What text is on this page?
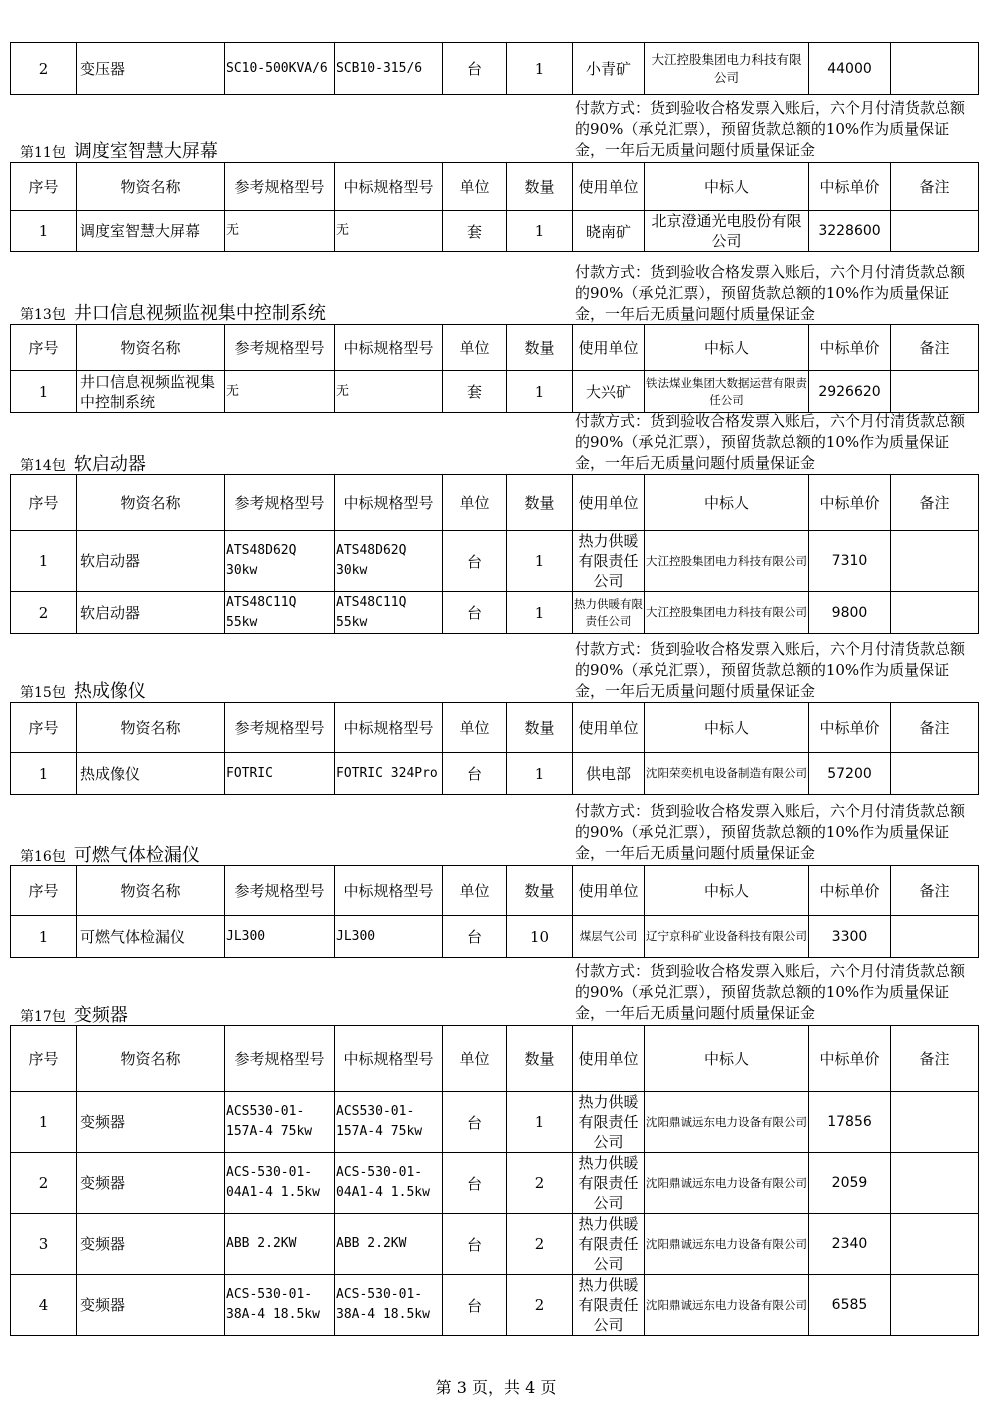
2	变压器	SC10-500KVA/6	SCB10-315/6	台	1	小青矿	大江控股集团电力科技有限公司	44000	
付款方式：货到验收合格发票入账后，六个月付清货款总额的90%（承兑汇票），预留货款总额的10%作为质量保证金，一年后无质量问题付质量保证金
第11包 调度室智慧大屏幕
序号	物资名称	参考规格型号	中标规格型号	单位	数量	使用单位	中标人	中标单价	备注
1	调度室智慧大屏幕	无	无	套	1	晓南矿	北京澄通光电股份有限公司	3228600	
付款方式：货到验收合格发票入账后，六个月付清货款总额的90%（承兑汇票），预留货款总额的10%作为质量保证金，一年后无质量问题付质量保证金
第13包 井口信息视频监视集中控制系统
序号	物资名称	参考规格型号	中标规格型号	单位	数量	使用单位	中标人	中标单价	备注
1	井口信息视频监视集中控制系统	无	无	套	1	大兴矿	铁法煤业集团大数据运营有限责任公司	2926620	
付款方式：货到验收合格发票入账后，六个月付清货款总额的90%（承兑汇票），预留货款总额的10%作为质量保证金，一年后无质量问题付质量保证金
第14包 软启动器
序号	物资名称	参考规格型号	中标规格型号	单位	数量	使用单位	中标人	中标单价	备注
1	软启动器	ATS48D62Q 30kw	ATS48D62Q 30kw	台	1	热力供暖有限责任公司	大江控股集团电力科技有限公司	7310	
2	软启动器	ATS48C11Q 55kw	ATS48C11Q 55kw	台	1	热力供暖有限责任公司	大江控股集团电力科技有限公司	9800	
付款方式：货到验收合格发票入账后，六个月付清货款总额的90%（承兑汇票），预留货款总额的10%作为质量保证金，一年后无质量问题付质量保证金
第15包 热成像仪
序号	物资名称	参考规格型号	中标规格型号	单位	数量	使用单位	中标人	中标单价	备注
1	热成像仪	FOTRIC	FOTRIC 324Pro	台	1	供电部	沈阳荣奕机电设备制造有限公司	57200	
付款方式：货到验收合格发票入账后，六个月付清货款总额的90%（承兑汇票），预留货款总额的10%作为质量保证金，一年后无质量问题付质量保证金
第16包 可燃气体检漏仪
序号	物资名称	参考规格型号	中标规格型号	单位	数量	使用单位	中标人	中标单价	备注
1	可燃气体检漏仪	JL300	JL300	台	10	煤层气公司	辽宁京科矿业设备科技有限公司	3300	
付款方式：货到验收合格发票入账后，六个月付清货款总额的90%（承兑汇票），预留货款总额的10%作为质量保证金，一年后无质量问题付质量保证金
第17包 变频器
序号	物资名称	参考规格型号	中标规格型号	单位	数量	使用单位	中标人	中标单价	备注
1	变频器	ACS530-01-157A-4 75kw	ACS530-01-157A-4 75kw	台	1	热力供暖有限责任公司	沈阳鼎诚远东电力设备有限公司	17856	
2	变频器	ACS-530-01-04A1-4 1.5kw	ACS-530-01-04A1-4 1.5kw	台	2	热力供暖有限责任公司	沈阳鼎诚远东电力设备有限公司	2059	
3	变频器	ABB 2.2KW	ABB 2.2KW	台	2	热力供暖有限责任公司	沈阳鼎诚远东电力设备有限公司	2340	
4	变频器	ACS-530-01-38A-4 18.5kw	ACS-530-01-38A-4 18.5kw	台	2	热力供暖有限责任公司	沈阳鼎诚远东电力设备有限公司	6585	
第 3 页，共 4 页
